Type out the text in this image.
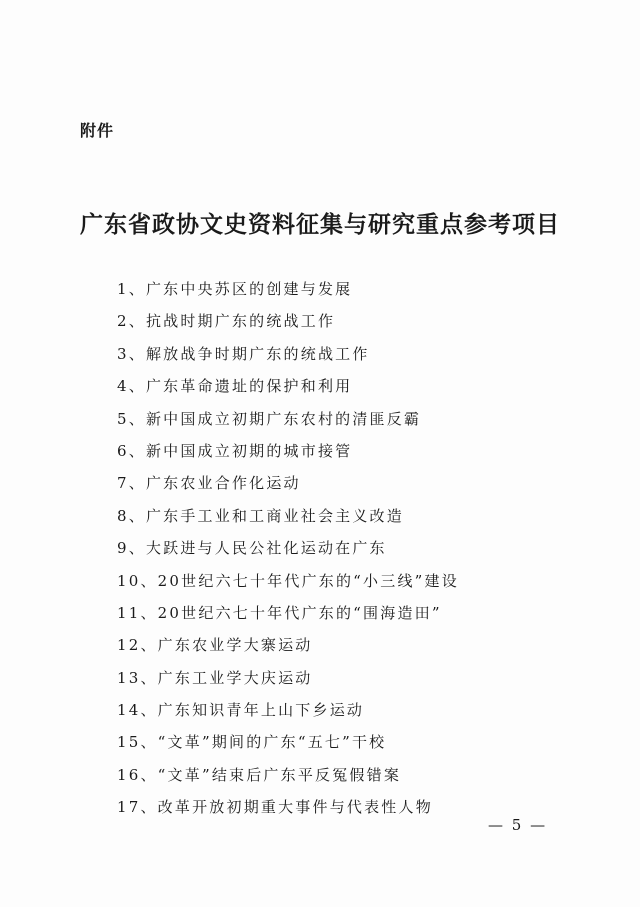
附件
广东省政协文史资料征集与研究重点参考项目
1、广东中央苏区的创建与发展
2、抗战时期广东的统战工作
3、解放战争时期广东的统战工作
4、广东革命遗址的保护和利用
5、新中国成立初期广东农村的清匪反霸
6、新中国成立初期的城市接管
7、广东农业合作化运动
8、广东手工业和工商业社会主义改造
9、大跃进与人民公社化运动在广东
10、20世纪六七十年代广东的“小三线”建设
11、20世纪六七十年代广东的“围海造田”
12、广东农业学大寨运动
13、广东工业学大庆运动
14、广东知识青年上山下乡运动
15、“文革”期间的广东“五七”干校
16、“文革”结束后广东平反冤假错案
17、改革开放初期重大事件与代表性人物
— 5 —
